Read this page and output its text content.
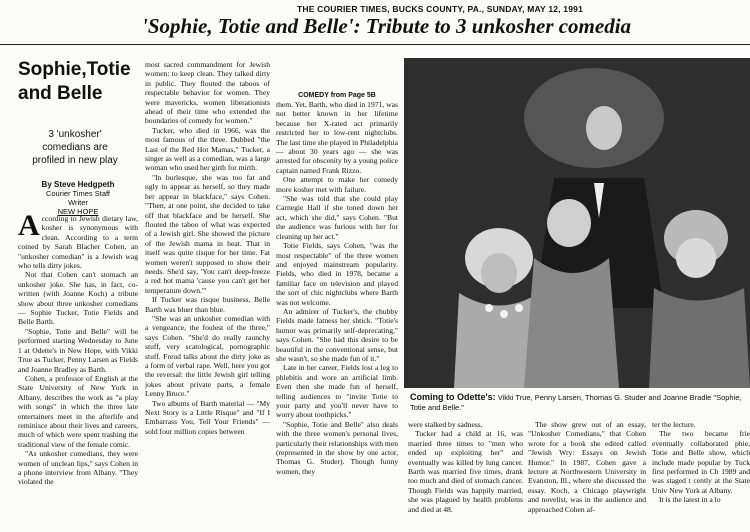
THE COURIER TIMES, BUCKS COUNTY, PA., SUNDAY, MAY 12, 1991
'Sophie, Totie and Belle': Tribute to 3 unkosher comedia
Sophie,Totie and Belle
3 'unkosher' comedians are profiled in new play
By Steve Hedgpeth
Courier Times Staff Writer
NEW HOPE

According to Jewish dietary law, kosher is synonymous with clean. According to a term coined by Sarah Blacher Cohen, an "unkosher comedian" is a Jewish wag who tells dirty jokes.

Not that Cohen can't stomach an unkosher joke. She has, in fact, co-written (with Joanne Koch) a tribute show about three unkosher comedians — Sophie Tucker, Totie Fields and Belle Barth.

"Sophie, Totie and Belle" will be performed starting Wednesday to June 1 at Odette's in New Hope, with Vikki True as Tucker, Penny Larsen as Fields and Joanne Bradley as Barth.

Cohen, a professor of English at the State University of New York in Albany, describes the work as "a play with songs" in which the three late entertainers meet in the afterlife and reminisce about their lives and careers, much of which were spent trashing the traditional view of the female comic.

"As unkosher comedians, they were women of unclean lips," says Cohen in a phone interview from Albany. "They violated the

most sacred commandment for Jewish women: to keep clean. They talked dirty in public. They flouted the taboos of respectable behavior for women. They were mavericks, women liberationists ahead of their time who extended the boundaries of comedy for women."

Tucker, who died in 1966, was the most famous of the three. Dubbed "the Last of the Red Hot Mamas," Tucker, a singer as well as a comedian, was a large woman who used her girth for mirth.

"In burlesque, she was too fat and ugly to appear as herself, so they made her appear in blackface," says Cohen. "Then, at one point, she decided to take off that blackface and be herself. She flouted the taboo of what was expected of a Jewish girl. She showed the picture of the Jewish mama in heat. That in itself was quite risque for her time. Fat women weren't supposed to show their needs. She'd say, 'You can't deep-freeze a red hot mama 'cause you can't get her temperature down.'"

If Tucker was risque business, Belle Barth was bluer than blue.

"She was an unkosher comedian with a vengeance, the foulest of the three," says Cohen. "She'd do really raunchy stuff, very scatological, pornographic stuff. Freud talks about the dirty joke as a form of verbal rape. Well, here you got the reversal: the little Jewish girl telling jokes about private parts, a female Lenny Bruce."

Two albums of Barth material — "My Next Story is a Little Risque" and "If I Embarrass You, Tell Your Friends" — sold four million copies between

COMEDY from Page 5B

them. Yet, Barth, who died in 1971, was not better known in her lifetime because her X-rated act primarily restricted her to low-rent nightclubs. The last time she played in Philadelphia — about 30 years ago — she was arrested for obscenity by a young police captain named Frank Rizzo.

One attempt to make her comedy more kosher met with failure.

"She was told that she could play Carnegie Hall if she toned down her act, which she did," says Cohen. "But the audience was furious with her for cleaning up her act."

Totie Fields, says Cohen, "was the most respectable" of the three women and enjoyed mainstream popularity. Fields, who died in 1978, became a familiar face on television and played the sort of chic nightclubs where Barth was not welcome.

An admirer of Tucker's, the chubby Fields made fatness her shtick. "Totie's humor was primarily self-deprecating," says Cohen. "She had this desire to be beautiful in the conventional sense, but she wasn't, so she made fun of it."

Late in her career, Fields lost a leg to phlebitis and wore an artificial limb. Even then she made fun of herself, telling audiences to "invite Totie to your party and you'll never have to worry about toothpicks."

"Sophie, Totie and Belle" also deals with the three women's personal lives, particularly their relationships with men (represented in the show by one actor, Thomas G. Studer). Though funny women, they

Coming to Odette's: Vikki True, Penny Larsen, Thomas G. Studer and Joanne Bradle "Sophie, Totie and Belle."

were stalked by sadness.

Tucker had a child at 16, was married three times to "men who ended up exploiting her" and eventually was killed by lung cancer. Barth was married five times, drank too much and died of stomach cancer. Though Fields was happily married, she was plagued by health problems and died at 48.

The show grew out of an essay, "Unkosher Comedians," that Cohen wrote for a book she edited called "Jewish Wry: Essays on Jewish Humor." In 1987, Cohen gave a lecture at Northwestern University in Evanston, Ill., where she discussed the essay. Koch, a Chicago playwright and novelist, was in the audience and approached Cohen af-

ter the lecture.

The two became frie eventually collaborated phie, Totie and Belle show, which include made popular by Tuck first performed in Ch 1989 and was staged t cently at the State Univ New York at Albany.

It is the latest in a lo
